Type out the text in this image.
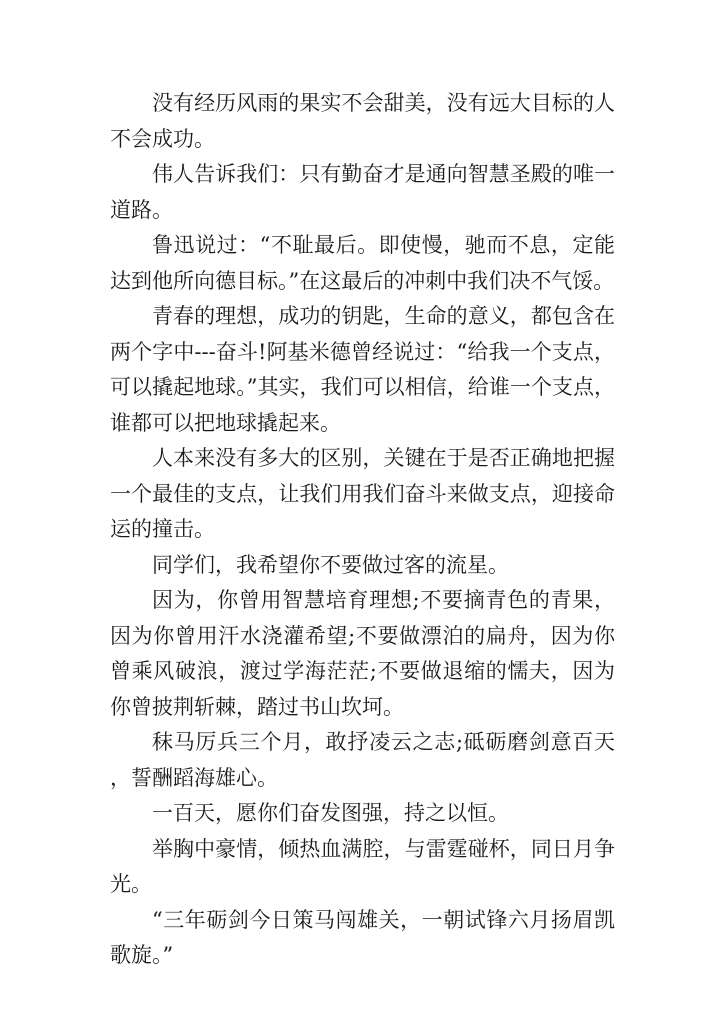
没有经历风雨的果实不会甜美，没有远大目标的人不会成功。

伟人告诉我们：只有勤奋才是通向智慧圣殿的唯一道路。

鲁迅说过：“不耻最后。即使慢，驰而不息，定能达到他所向德目标。”在这最后的冲刺中我们决不气馁。

青春的理想，成功的钥匙，生命的意义，都包含在两个字中---奋斗!阿基米德曾经说过：“给我一个支点，可以撬起地球。”其实，我们可以相信，给谁一个支点，谁都可以把地球撬起来。

人本来没有多大的区别，关键在于是否正确地把握一个最佳的支点，让我们用我们奋斗来做支点，迎接命运的撞击。

同学们，我希望你不要做过客的流星。

因为，你曾用智慧培育理想;不要摘青色的青果，因为你曾用汗水浇灌希望;不要做漂泊的扁舟，因为你曾乘风破浪，渡过学海茫茫;不要做退缩的懦夫，因为你曾披荆斩棘，踏过书山坎坷。

秣马厉兵三个月，敢抒凌云之志;砥砺磨剑意百天，誓酬蹈海雄心。

一百天，愿你们奋发图强，持之以恒。

举胸中豪情，倾热血满腔，与雷霆碰杯，同日月争光。

“三年砺剑今日策马闯雄关，一朝试锋六月扬眉凯歌旋。”
